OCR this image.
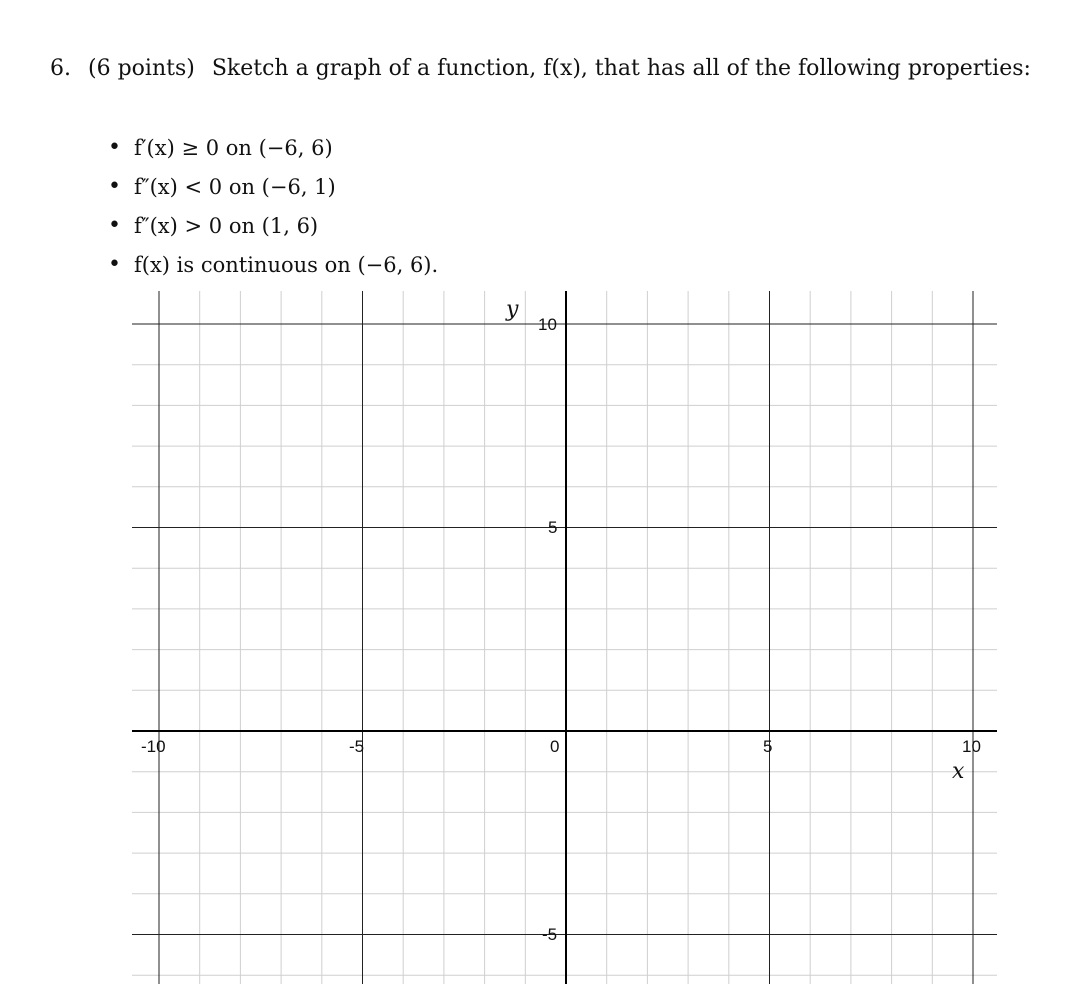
6. (6 points) Sketch a graph of a function, f(x), that has all of the following properties:
• f′(x) ≥ 0 on (−6, 6)
• f″(x) < 0 on (−6, 1)
• f″(x) > 0 on (1, 6)
• f(x) is continuous on (−6, 6).
-10	-5	0	5	10
10
5
-5
y
x
